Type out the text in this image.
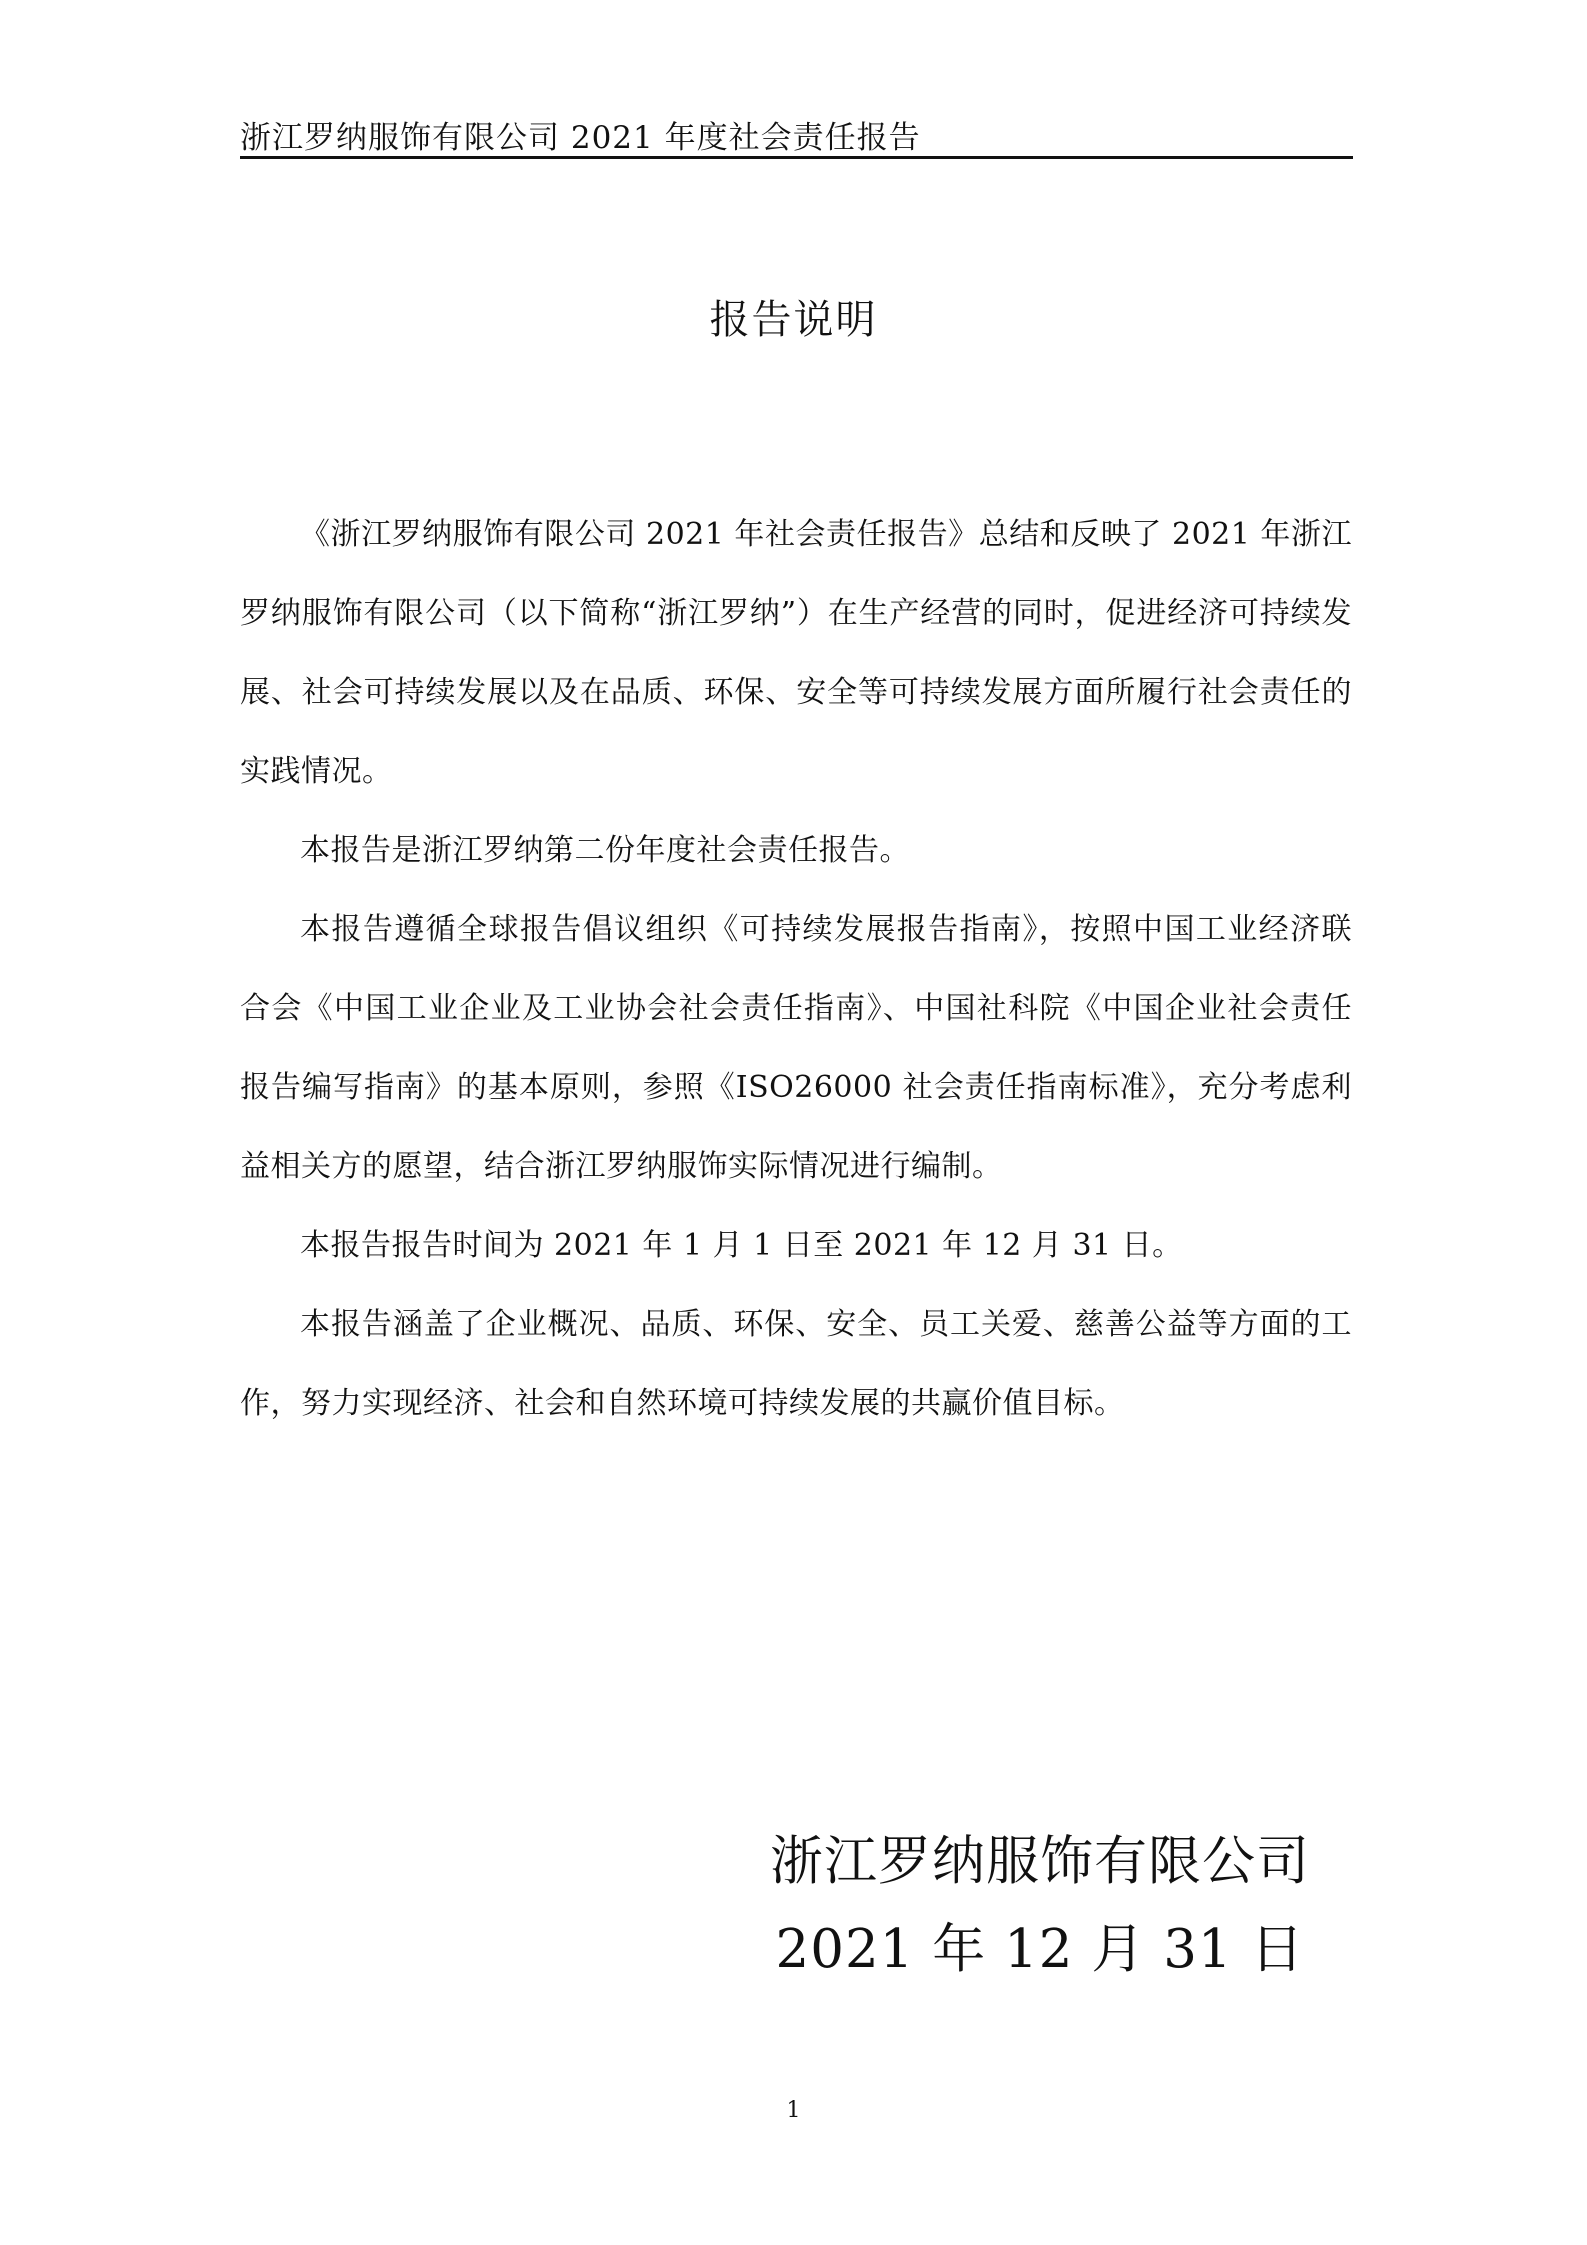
浙江罗纳服饰有限公司 2021 年度社会责任报告
报告说明

《浙江罗纳服饰有限公司 2021 年社会责任报告》总结和反映了 2021 年浙江罗纳服饰有限公司（以下简称“浙江罗纳”）在生产经营的同时，促进经济可持续发展、社会可持续发展以及在品质、环保、安全等可持续发展方面所履行社会责任的实践情况。

本报告是浙江罗纳第二份年度社会责任报告。

本报告遵循全球报告倡议组织《可持续发展报告指南》，按照中国工业经济联合会《中国工业企业及工业协会社会责任指南》、中国社科院《中国企业社会责任报告编写指南》的基本原则，参照《ISO26000 社会责任指南标准》，充分考虑利益相关方的愿望，结合浙江罗纳服饰实际情况进行编制。

本报告报告时间为 2021 年 1 月 1 日至 2021 年 12 月 31 日。

本报告涵盖了企业概况、品质、环保、安全、员工关爱、慈善公益等方面的工作，努力实现经济、社会和自然环境可持续发展的共赢价值目标。

浙江罗纳服饰有限公司
2021 年 12 月 31 日
1
